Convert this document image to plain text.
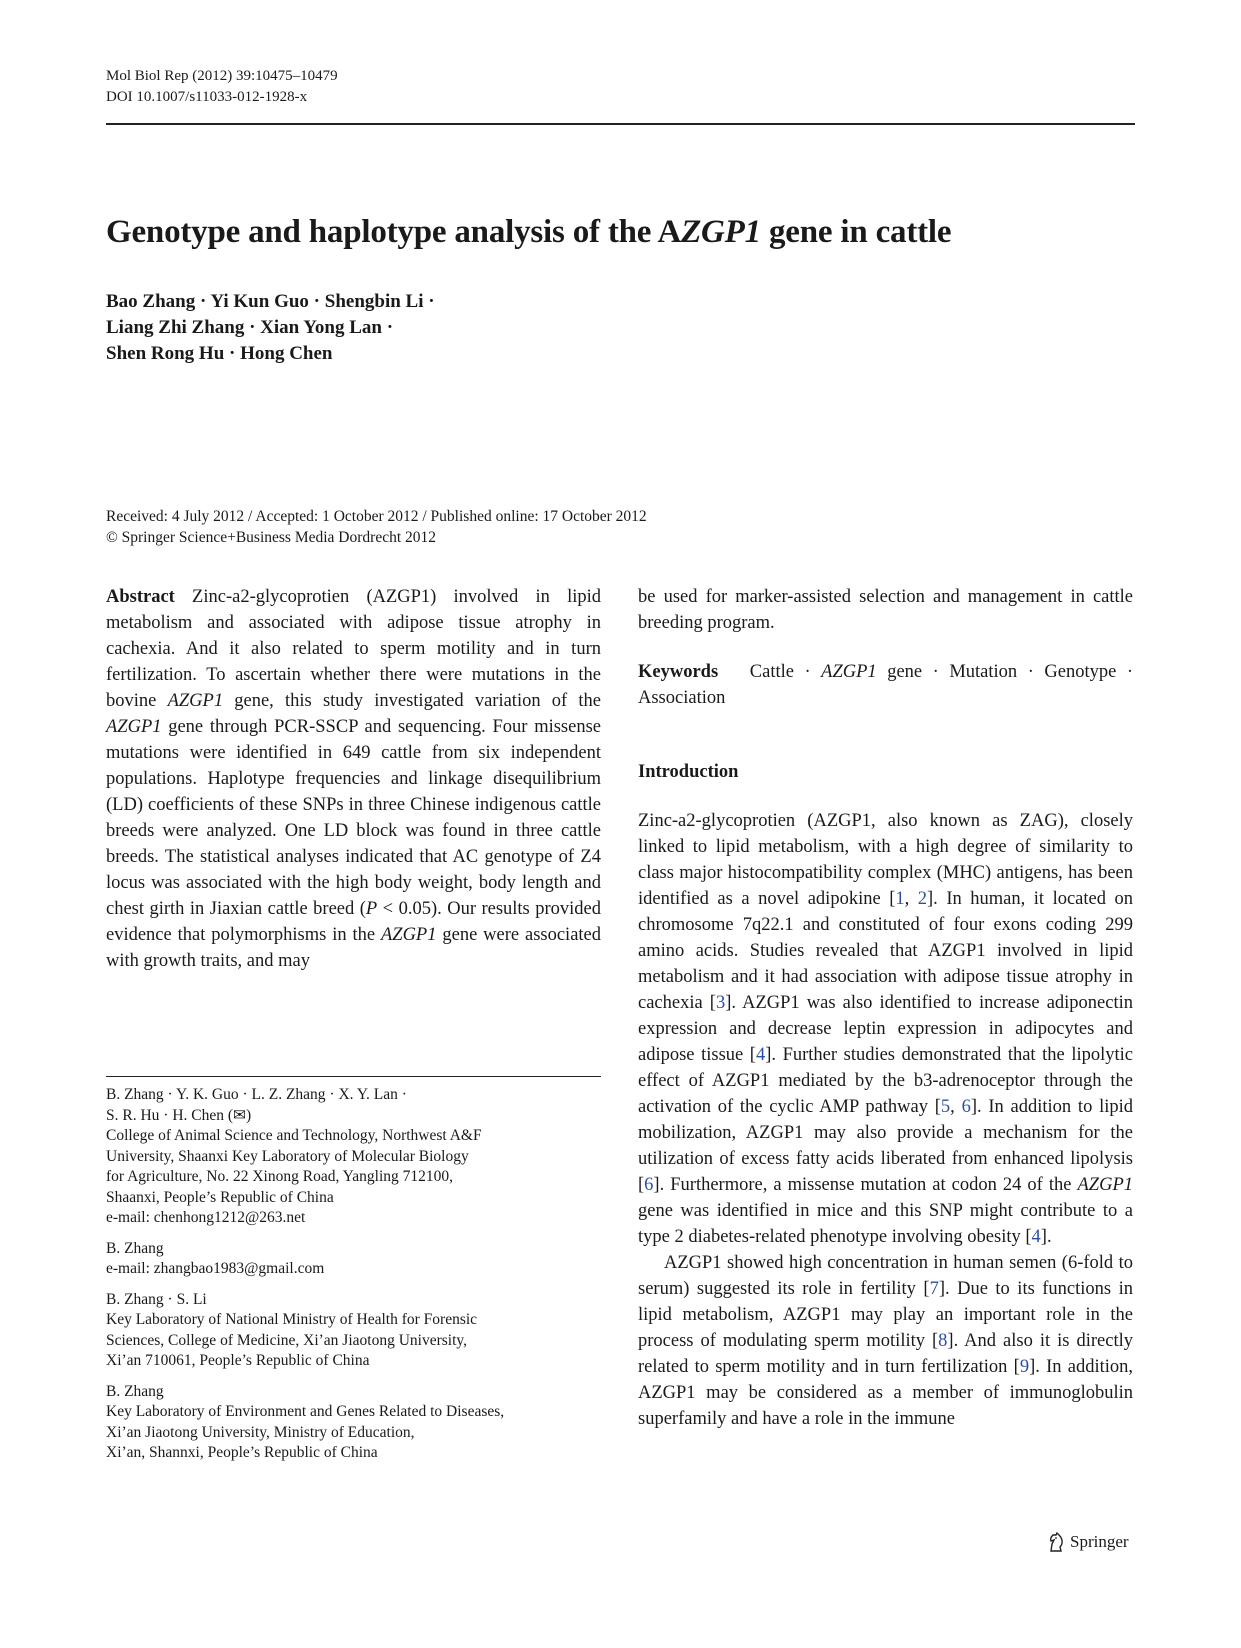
Mol Biol Rep (2012) 39:10475–10479
DOI 10.1007/s11033-012-1928-x
Genotype and haplotype analysis of the AZGP1 gene in cattle
Bao Zhang · Yi Kun Guo · Shengbin Li ·
Liang Zhi Zhang · Xian Yong Lan ·
Shen Rong Hu · Hong Chen
Received: 4 July 2012 / Accepted: 1 October 2012 / Published online: 17 October 2012
© Springer Science+Business Media Dordrecht 2012

Abstract Zinc-a2-glycoprotien (AZGP1) involved in lipid metabolism and associated with adipose tissue atrophy in cachexia. And it also related to sperm motility and in turn fertilization. To ascertain whether there were mutations in the bovine AZGP1 gene, this study investigated variation of the AZGP1 gene through PCR-SSCP and sequencing. Four missense mutations were identified in 649 cattle from six independent populations. Haplotype frequencies and linkage disequilibrium (LD) coefficients of these SNPs in three Chinese indigenous cattle breeds were analyzed. One LD block was found in three cattle breeds. The statistical analyses indicated that AC genotype of Z4 locus was associated with the high body weight, body length and chest girth in Jiaxian cattle breed (P < 0.05). Our results provided evidence that polymorphisms in the AZGP1 gene were associated with growth traits, and may

B. Zhang · Y. K. Guo · L. Z. Zhang · X. Y. Lan ·
S. R. Hu · H. Chen (✉)
College of Animal Science and Technology, Northwest A&F
University, Shaanxi Key Laboratory of Molecular Biology
for Agriculture, No. 22 Xinong Road, Yangling 712100,
Shaanxi, People’s Republic of China
e-mail: chenhong1212@263.net
B. Zhang
e-mail: zhangbao1983@gmail.com
B. Zhang · S. Li
Key Laboratory of National Ministry of Health for Forensic
Sciences, College of Medicine, Xi’an Jiaotong University,
Xi’an 710061, People’s Republic of China
B. Zhang
Key Laboratory of Environment and Genes Related to Diseases,
Xi’an Jiaotong University, Ministry of Education,
Xi’an, Shannxi, People’s Republic of China

be used for marker-assisted selection and management in cattle breeding program.

Keywords Cattle · AZGP1 gene · Mutation · Genotype · Association

Introduction

Zinc-a2-glycoprotien (AZGP1, also known as ZAG), closely linked to lipid metabolism, with a high degree of similarity to class major histocompatibility complex (MHC) antigens, has been identified as a novel adipokine [1, 2]. In human, it located on chromosome 7q22.1 and constituted of four exons coding 299 amino acids. Studies revealed that AZGP1 involved in lipid metabolism and it had association with adipose tissue atrophy in cachexia [3]. AZGP1 was also identified to increase adiponectin expression and decrease leptin expression in adipocytes and adipose tissue [4]. Further studies demonstrated that the lipolytic effect of AZGP1 mediated by the b3-adrenoceptor through the activation of the cyclic AMP pathway [5, 6]. In addition to lipid mobilization, AZGP1 may also provide a mechanism for the utilization of excess fatty acids liberated from enhanced lipolysis [6]. Furthermore, a missense mutation at codon 24 of the AZGP1 gene was identified in mice and this SNP might contribute to a type 2 diabetes-related phenotype involving obesity [4].

AZGP1 showed high concentration in human semen (6-fold to serum) suggested its role in fertility [7]. Due to its functions in lipid metabolism, AZGP1 may play an important role in the process of modulating sperm motility [8]. And also it is directly related to sperm motility and in turn fertilization [9]. In addition, AZGP1 may be considered as a member of immunoglobulin superfamily and have a role in the immune

Springer
